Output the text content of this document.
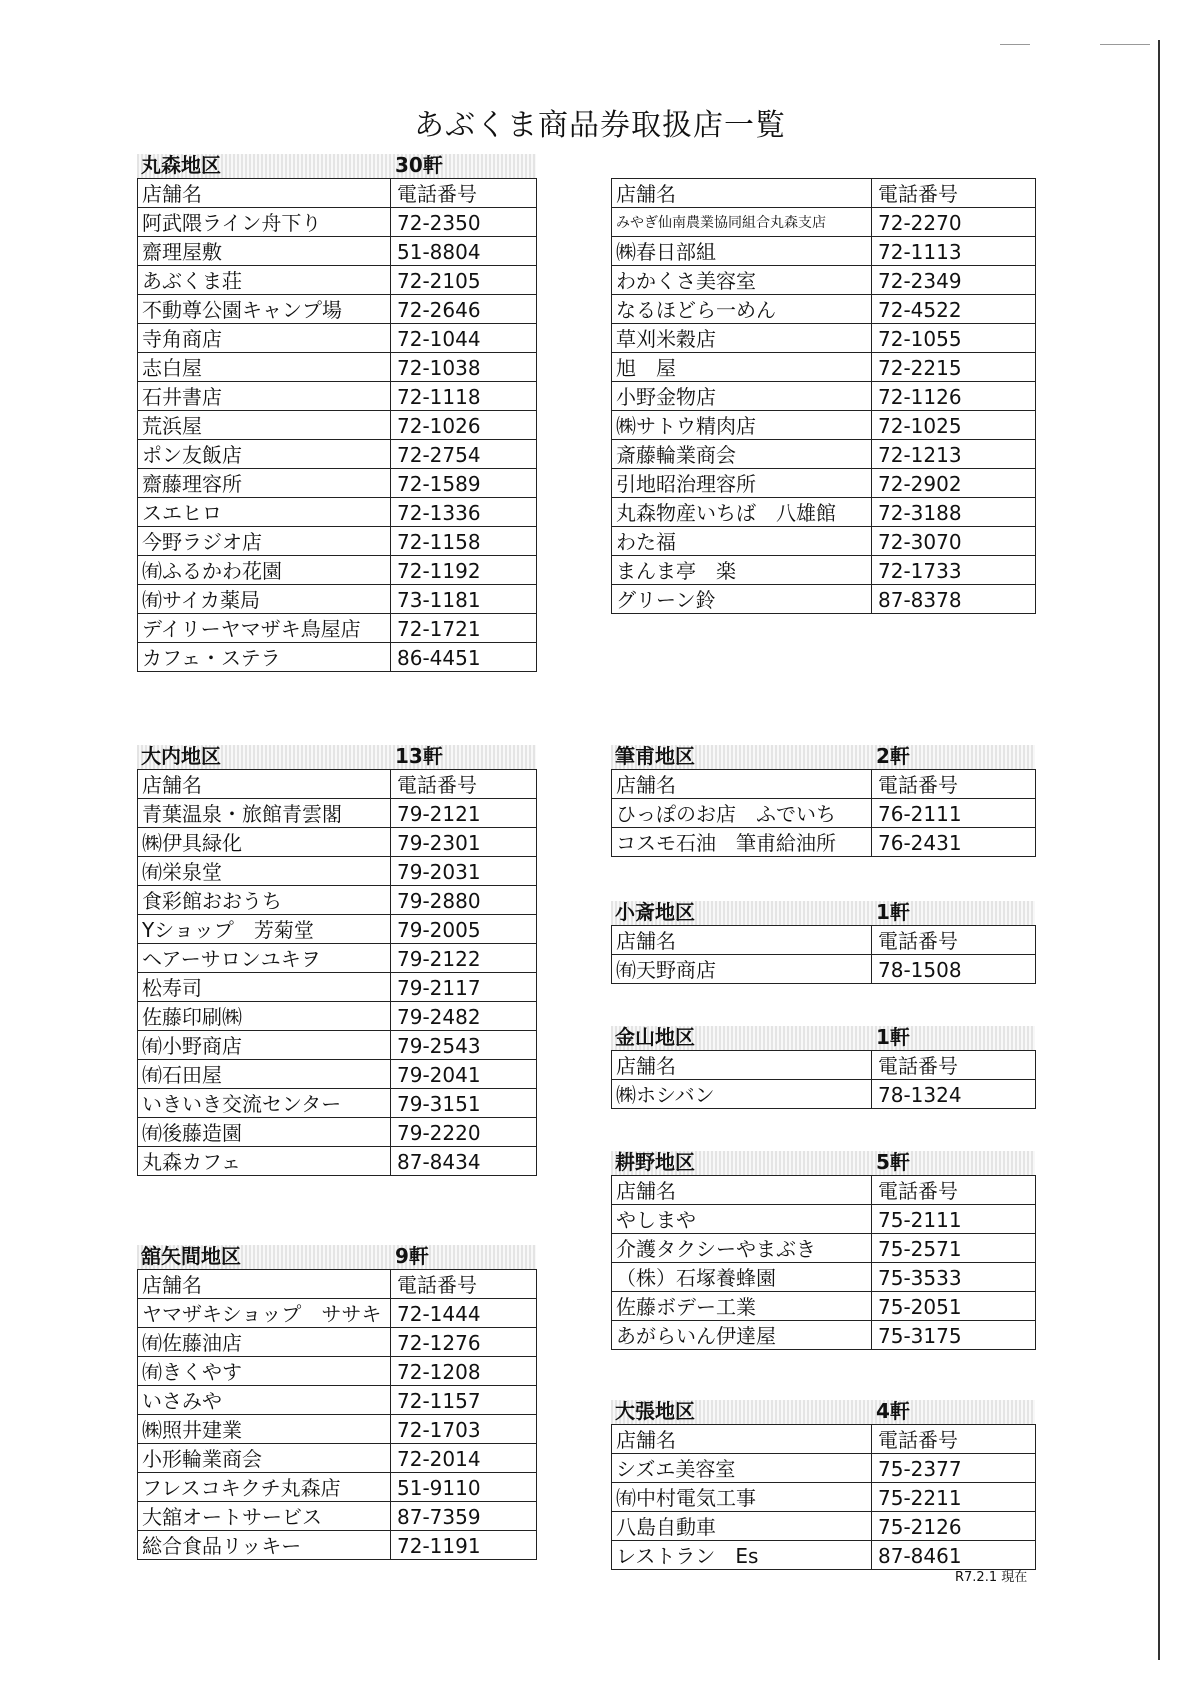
あぶくま商品券取扱店一覧
丸森地区	30軒
店舗名	電話番号
阿武隈ライン舟下り	72-2350
齋理屋敷	51-8804
あぶくま荘	72-2105
不動尊公園キャンプ場	72-2646
寺角商店	72-1044
志白屋	72-1038
石井書店	72-1118
荒浜屋	72-1026
ポン友飯店	72-2754
齋藤理容所	72-1589
スエヒロ	72-1336
今野ラジオ店	72-1158
㈲ふるかわ花園	72-1192
㈲サイカ薬局	73-1181
デイリーヤマザキ鳥屋店	72-1721
カフェ・ステラ	86-4451
店舗名	電話番号
みやぎ仙南農業協同組合丸森支店	72-2270
㈱春日部組	72-1113
わかくさ美容室	72-2349
なるほどら一めん	72-4522
草刈米穀店	72-1055
旭　屋	72-2215
小野金物店	72-1126
㈱サトウ精肉店	72-1025
斎藤輪業商会	72-1213
引地昭治理容所	72-2902
丸森物産いちば　八雄館	72-3188
わた福	72-3070
まんま亭　楽	72-1733
グリーン鈴	87-8378
大内地区	13軒
店舗名	電話番号
青葉温泉・旅館青雲閣	79-2121
㈱伊具緑化	79-2301
㈲栄泉堂	79-2031
食彩館おおうち	79-2880
Yショップ　芳菊堂	79-2005
ヘアーサロンユキヲ	79-2122
松寿司	79-2117
佐藤印刷㈱	79-2482
㈲小野商店	79-2543
㈲石田屋	79-2041
いきいき交流センター	79-3151
㈲後藤造園	79-2220
丸森カフェ	87-8434
舘矢間地区	9軒
店舗名	電話番号
ヤマザキショップ　ササキ	72-1444
㈲佐藤油店	72-1276
㈲きくやす	72-1208
いさみや	72-1157
㈱照井建業	72-1703
小形輪業商会	72-2014
フレスコキクチ丸森店	51-9110
大舘オートサービス	87-7359
総合食品リッキー	72-1191
筆甫地区	2軒
店舗名	電話番号
ひっぽのお店　ふでいち	76-2111
コスモ石油　筆甫給油所	76-2431
小斎地区	1軒
店舗名	電話番号
㈲天野商店	78-1508
金山地区	1軒
店舗名	電話番号
㈱ホシバン	78-1324
耕野地区	5軒
店舗名	電話番号
やしまや	75-2111
介護タクシーやまぶき	75-2571
（株）石塚養蜂園	75-3533
佐藤ボデー工業	75-2051
あがらいん伊達屋	75-3175
大張地区	4軒
店舗名	電話番号
シズエ美容室	75-2377
㈲中村電気工事	75-2211
八島自動車	75-2126
レストラン　Es	87-8461
R7.2.1 現在
